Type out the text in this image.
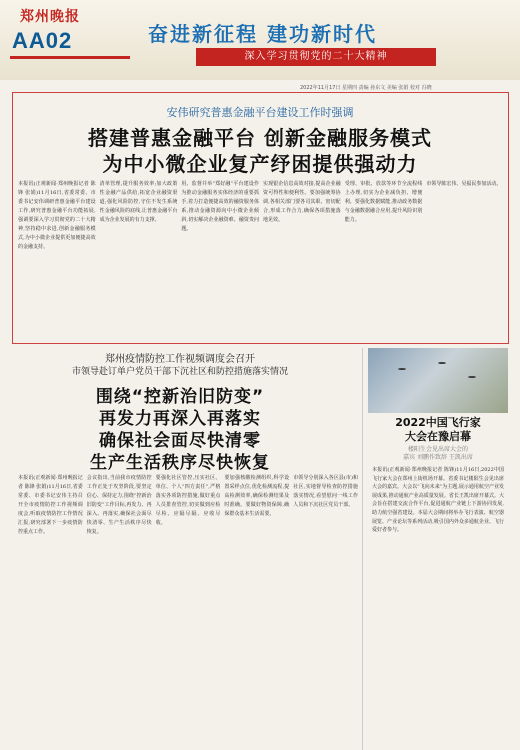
郑州晚报
AA02	奋进新征程 建功新时代
深入学习贯彻党的二十大精神
2022年11月17日 星期四 责编 孙东文 美编 张娟 校对 冯晓
安伟研究普惠金融平台建设工作时强调
搭建普惠金融平台 创新金融服务模式
为中小微企业复产纾困提供强动力
本报讯(正观新闻·郑州晚报记者 陈锋 张娟)11月16日,省委常委、市委书记安伟调研普惠金融平台建设工作,研究普惠金融平台功能拓展,强调要深入学习贯彻党的二十大精神,坚持稳中求进,创新金融服务模式,为中小微企业提供更加便捷高效的金融支持。
清单管理,提升服务效率;加大政策性金融产品供给,拓宽企业融资渠道;强化风险防控,守住不发生系统性金融风险的底线,让普惠金融平台成为企业发展的有力支撑。
用、监督并举“郑好融”平台建设作为推动金融服务实体经济的重要抓手,着力打造便捷高效的融资服务体系,推动金融资源向中小微企业倾斜,切实解决企业融资难、融资贵问题。
实现银企信息高效对接,提高企业融资可得性和便利性。要加强统筹协调,各相关部门要各司其职、密切配合,形成工作合力,确保各项措施落地见效。
受理、审批、放款等环节全流程线上办理,切实为企业减负担、增便利。要强化数据赋能,推动政务数据与金融数据融合应用,提升风险识别能力。
市领导陈宏伟、吴福民参加活动。
郑州疫情防控工作视频调度会召开
市领导赴订单户党员干部下沉社区和防控措施落实情况
围绕“控新治旧防变”
再发力再深入再落实
确保社会面尽快清零
生产生活秩序尽快恢复
本报讯(正观新闻·郑州晚报记者 陈锋 张娟)11月16日,省委常委、市委书记安伟主持召开全市疫情防控工作视频调度会,听取疫情防控工作情况汇报,研究部署下一步疫情防控重点工作。
会议指出,当前我市疫情防控工作正处于攻坚阶段,要坚定信心、保持定力,围绕“控新治旧防变”工作目标,再发力、再深入、再落实,确保社会面尽快清零、生产生活秩序尽快恢复。
要强化社区管控,压实社区、单位、个人“四方责任”,严格落实各项防控措施,做好重点人员排查管控,切实做到应检尽检、应隔尽隔、应收尽收。
要加强核酸检测组织,科学设置采样点位,优化检测流程,提高检测效率,确保检测结果及时准确。要做好物资保障,确保群众基本生活需要。
市领导分别深入各区县(市)和社区,实地督导检查防控措施落实情况,看望慰问一线工作人员和下沉社区党员干部。
2022中国飞行家
大会在豫启幕
楼阳生会见出席大会的
嘉宾 刘鹏作致辞 王凯出席
本报讯(正观新闻·郑州晚报记者 陈锋)11月16日,2022中国飞行家大会在郑州上街机场开幕。省委书记楼阳生会见出席大会的嘉宾。大会以“飞向未来”为主题,展示通用航空产业发展成果,推动通航产业高质量发展。省长王凯出席开幕式。大会旨在搭建交流合作平台,促进通航产业链上下游协同发展,助力航空强省建设。本届大会期间将举办飞行表演、航空器展览、产业论坛等系列活动,吸引国内外众多通航企业、飞行爱好者参与。
